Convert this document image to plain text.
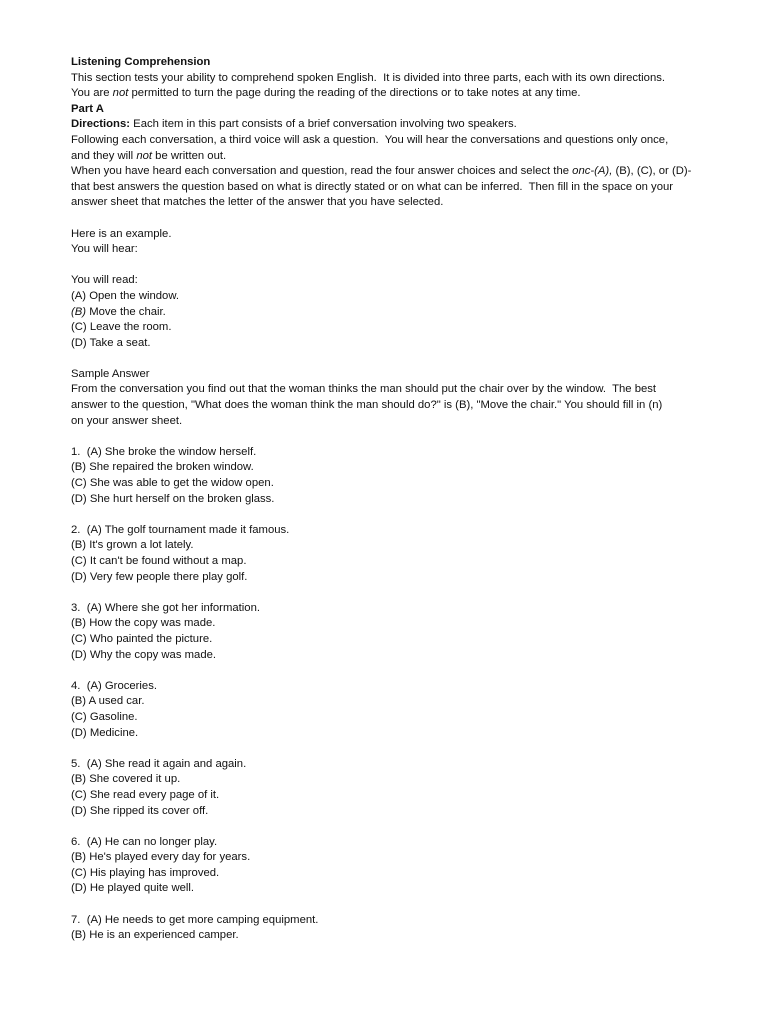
Listening Comprehension
This section tests your ability to comprehend spoken English.  It is divided into three parts, each with its own directions.
You are not permitted to turn the page during the reading of the directions or to take notes at any time.
Part A
Directions: Each item in this part consists of a brief conversation involving two speakers.
Following each conversation, a third voice will ask a question.  You will hear the conversations and questions only once,
and they will not be written out.
When you have heard each conversation and question, read the four answer choices and select the onc-(A), (B), (C), or (D)-
that best answers the question based on what is directly stated or on what can be inferred.  Then fill in the space on your
answer sheet that matches the letter of the answer that you have selected.
Here is an example.
You will hear:
You will read:
(A) Open the window.
(B) Move the chair.
(C) Leave the room.
(D) Take a seat.
Sample Answer
From the conversation you find out that the woman thinks the man should put the chair over by the window.  The best
answer to the question, "What does the woman think the man should do?" is (B), "Move the chair." You should fill in (n)
on your answer sheet.
1.  (A) She broke the window herself.
(B) She repaired the broken window.
(C) She was able to get the widow open.
(D) She hurt herself on the broken glass.
2.  (A) The golf tournament made it famous.
(B) It's grown a lot lately.
(C) It can't be found without a map.
(D) Very few people there play golf.
3.  (A) Where she got her information.
(B) How the copy was made.
(C) Who painted the picture.
(D) Why the copy was made.
4.  (A) Groceries.
(B) A used car.
(C) Gasoline.
(D) Medicine.
5.  (A) She read it again and again.
(B) She covered it up.
(C) She read every page of it.
(D) She ripped its cover off.
6.  (A) He can no longer play.
(B) He's played every day for years.
(C) His playing has improved.
(D) He played quite well.
7.  (A) He needs to get more camping equipment.
(B) He is an experienced camper.
